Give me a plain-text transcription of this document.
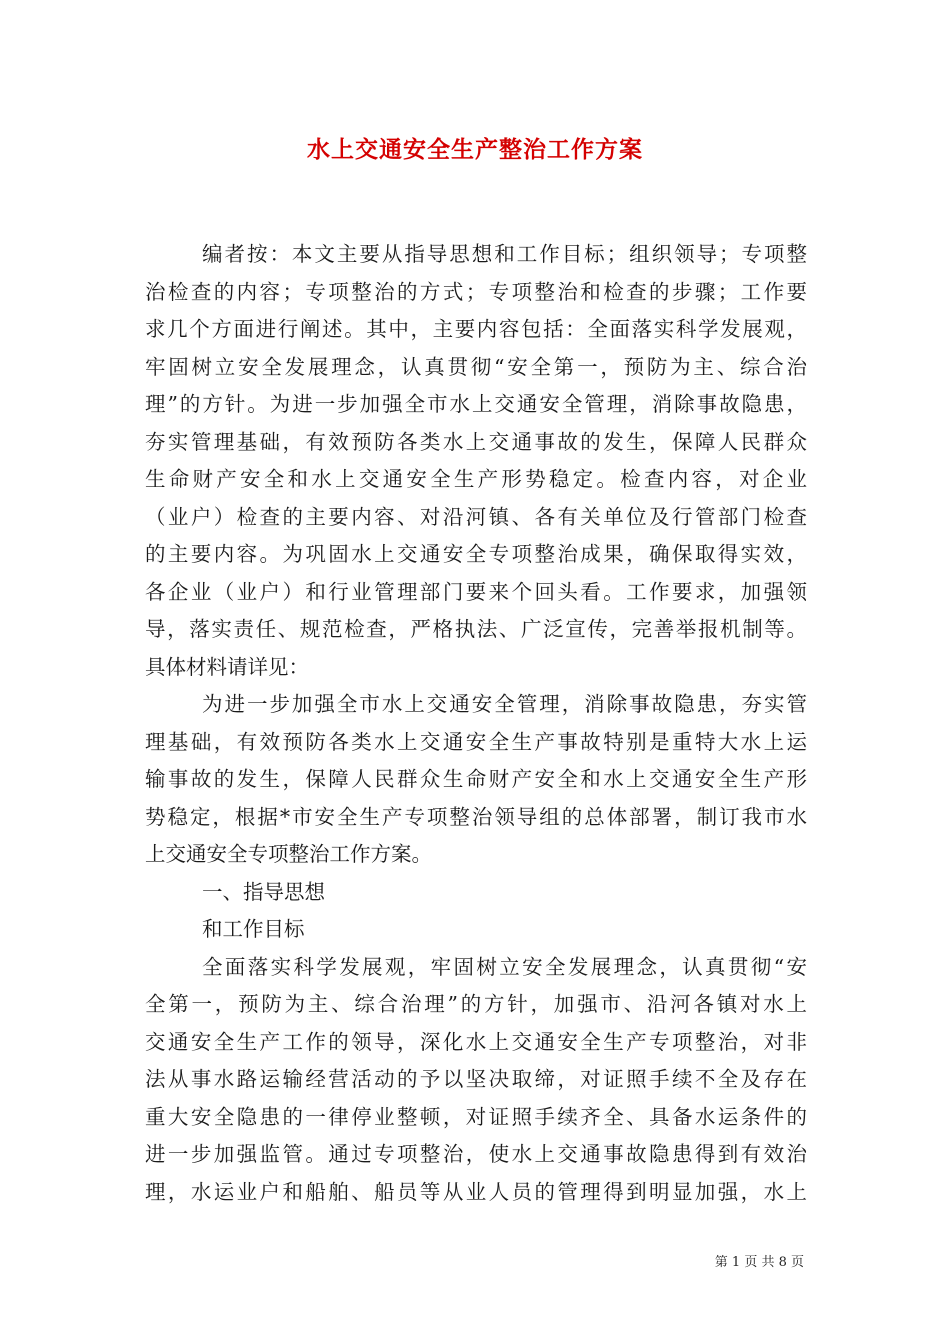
水上交通安全生产整治工作方案
编者按：本文主要从指导思想和工作目标；组织领导；专项整
治检查的内容；专项整治的方式；专项整治和检查的步骤；工作要
求几个方面进行阐述。其中，主要内容包括：全面落实科学发展观，
牢固树立安全发展理念，认真贯彻“安全第一，预防为主、综合治
理”的方针。为进一步加强全市水上交通安全管理，消除事故隐患，
夯实管理基础，有效预防各类水上交通事故的发生，保障人民群众
生命财产安全和水上交通安全生产形势稳定。检查内容，对企业
（业户）检查的主要内容、对沿河镇、各有关单位及行管部门检查
的主要内容。为巩固水上交通安全专项整治成果，确保取得实效，
各企业（业户）和行业管理部门要来个回头看。工作要求，加强领
导，落实责任、规范检查，严格执法、广泛宣传，完善举报机制等。
具体材料请详见：
为进一步加强全市水上交通安全管理，消除事故隐患，夯实管
理基础，有效预防各类水上交通安全生产事故特别是重特大水上运
输事故的发生，保障人民群众生命财产安全和水上交通安全生产形
势稳定，根据*市安全生产专项整治领导组的总体部署，制订我市水
上交通安全专项整治工作方案。
一、指导思想
和工作目标
全面落实科学发展观，牢固树立安全发展理念，认真贯彻“安
全第一，预防为主、综合治理”的方针，加强市、沿河各镇对水上
交通安全生产工作的领导，深化水上交通安全生产专项整治，对非
法从事水路运输经营活动的予以坚决取缔，对证照手续不全及存在
重大安全隐患的一律停业整顿，对证照手续齐全、具备水运条件的
进一步加强监管。通过专项整治，使水上交通事故隐患得到有效治
理，水运业户和船舶、船员等从业人员的管理得到明显加强，水上
第 1 页 共 8 页
